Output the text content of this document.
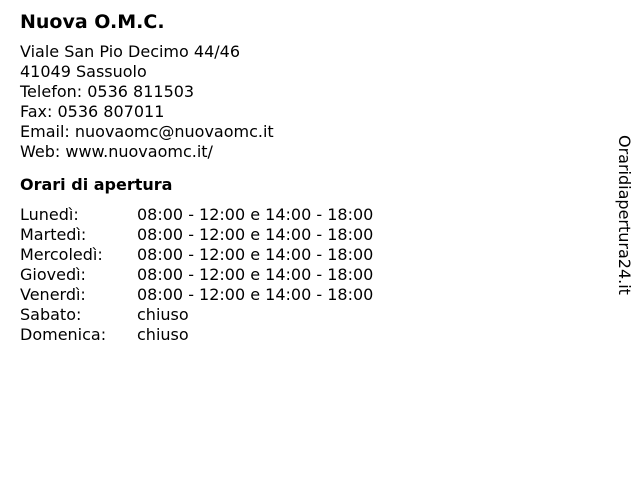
Nuova O.M.C.
Viale San Pio Decimo 44/46
41049 Sassuolo
Telefon: 0536 811503
Fax: 0536 807011
Email: nuovaomc@nuovaomc.it
Web: www.nuovaomc.it/
Orari di apertura
Lunedì:	08:00 - 12:00 e 14:00 - 18:00
Martedì:	08:00 - 12:00 e 14:00 - 18:00
Mercoledì:	08:00 - 12:00 e 14:00 - 18:00
Giovedì:	08:00 - 12:00 e 14:00 - 18:00
Venerdì:	08:00 - 12:00 e 14:00 - 18:00
Sabato:	chiuso
Domenica:	chiuso
Oraridiapertura24.it
